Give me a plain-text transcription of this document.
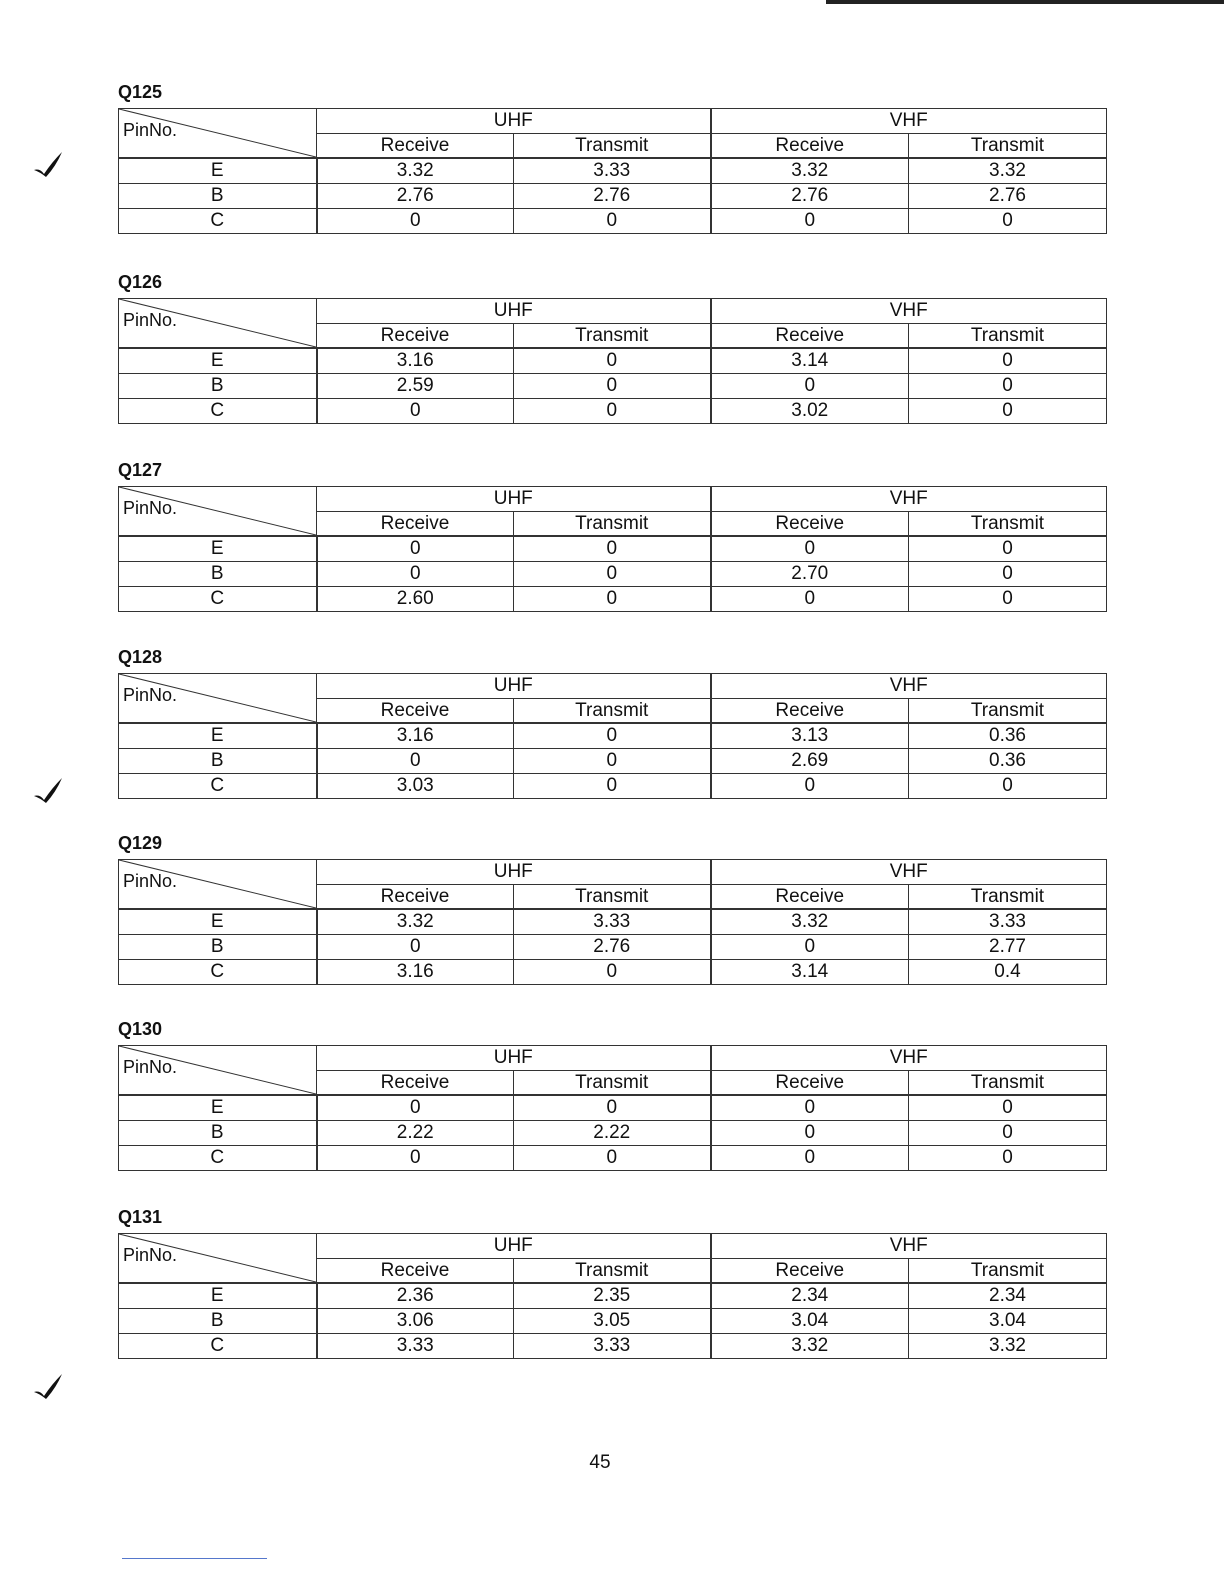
Q125
PinNo.	UHF		VHF	
	Receive	Transmit	Receive	Transmit
E	3.32	3.33	3.32	3.32
B	2.76	2.76	2.76	2.76
C	0	0	0	0
Q126
PinNo.	UHF		VHF	
	Receive	Transmit	Receive	Transmit
E	3.16	0	3.14	0
B	2.59	0	0	0
C	0	0	3.02	0
Q127
PinNo.	UHF		VHF	
	Receive	Transmit	Receive	Transmit
E	0	0	0	0
B	0	0	2.70	0
C	2.60	0	0	0
Q128
PinNo.	UHF		VHF	
	Receive	Transmit	Receive	Transmit
E	3.16	0	3.13	0.36
B	0	0	2.69	0.36
C	3.03	0	0	0
Q129
PinNo.	UHF		VHF	
	Receive	Transmit	Receive	Transmit
E	3.32	3.33	3.32	3.33
B	0	2.76	0	2.77
C	3.16	0	3.14	0.4
Q130
PinNo.	UHF		VHF	
	Receive	Transmit	Receive	Transmit
E	0	0	0	0
B	2.22	2.22	0	0
C	0	0	0	0
Q131
PinNo.	UHF		VHF	
	Receive	Transmit	Receive	Transmit
E	2.36	2.35	2.34	2.34
B	3.06	3.05	3.04	3.04
C	3.33	3.33	3.32	3.32
45
